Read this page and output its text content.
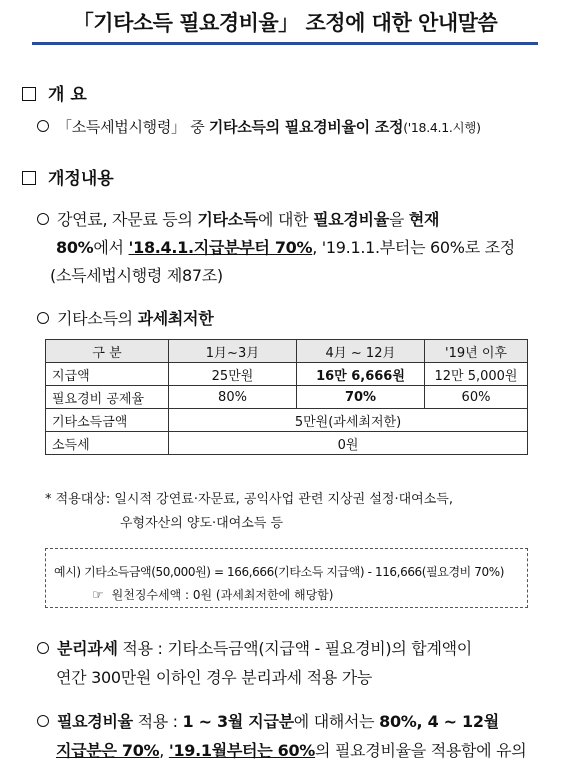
「기타소득 필요경비율」 조정에 대한 안내말씀
개 요
「소득세법시행령」 중 기타소득의 필요경비율이 조정('18.4.1.시행)
개정내용
강연료, 자문료 등의 기타소득에 대한 필요경비율을 현재
80%에서 '18.4.1.지급분부터 70%, '19.1.1.부터는 60%로 조정
(소득세법시행령 제87조)
기타소득의 과세최저한
구 분	1月~3月	4月 ~ 12月	'19년 이후
지급액	25만원	16만 6,666원	12만 5,000원
필요경비 공제율	80%	70%	60%
기타소득금액	5만원(과세최저한)		
소득세	0원		
* 적용대상: 일시적 강연료·자문료, 공익사업 관련 지상권 설정·대여소득,
우형자산의 양도·대여소득 등
예시) 기타소득금액(50,000원) = 166,666(기타소득 지급액) - 116,666(필요경비 70%)
☞ 원천징수세액 : 0원 (과세최저한에 해당함)
분리과세 적용 : 기타소득금액(지급액 - 필요경비)의 합계액이
연간 300만원 이하인 경우 분리과세 적용 가능
필요경비율 적용 : 1 ~ 3월 지급분에 대해서는 80%, 4 ~ 12월
지급분은 70%, '19.1월부터는 60%의 필요경비율을 적용함에 유의
